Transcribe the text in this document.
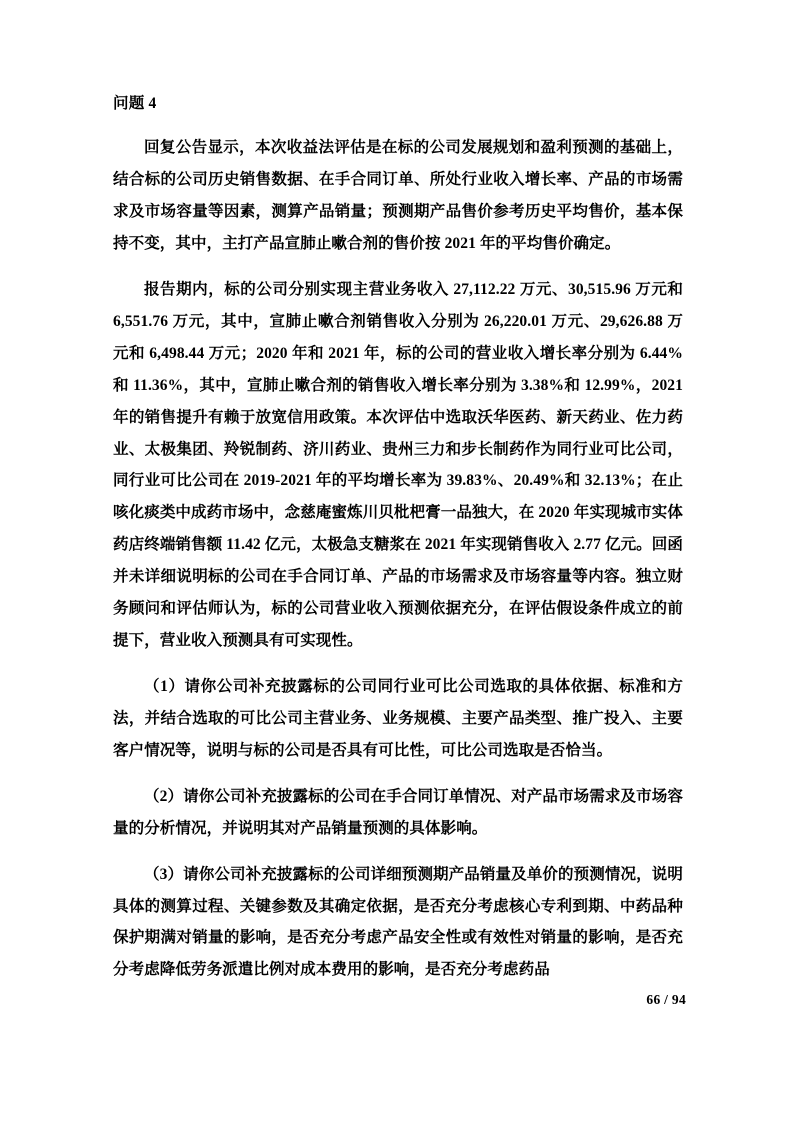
问题 4

回复公告显示，本次收益法评估是在标的公司发展规划和盈利预测的基础上，结合标的公司历史销售数据、在手合同订单、所处行业收入增长率、产品的市场需求及市场容量等因素，测算产品销量；预测期产品售价参考历史平均售价，基本保持不变，其中，主打产品宣肺止嗽合剂的售价按 2021 年的平均售价确定。

报告期内，标的公司分别实现主营业务收入 27,112.22 万元、30,515.96 万元和 6,551.76 万元，其中，宣肺止嗽合剂销售收入分别为 26,220.01 万元、29,626.88 万元和 6,498.44 万元；2020 年和 2021 年，标的公司的营业收入增长率分别为 6.44%和 11.36%，其中，宣肺止嗽合剂的销售收入增长率分别为 3.38%和 12.99%，2021 年的销售提升有赖于放宽信用政策。本次评估中选取沃华医药、新天药业、佐力药业、太极集团、羚锐制药、济川药业、贵州三力和步长制药作为同行业可比公司，同行业可比公司在 2019-2021 年的平均增长率为 39.83%、20.49%和 32.13%；在止咳化痰类中成药市场中，念慈庵蜜炼川贝枇杷膏一品独大，在 2020 年实现城市实体药店终端销售额 11.42 亿元，太极急支糖浆在 2021 年实现销售收入 2.77 亿元。回函并未详细说明标的公司在手合同订单、产品的市场需求及市场容量等内容。独立财务顾问和评估师认为，标的公司营业收入预测依据充分，在评估假设条件成立的前提下，营业收入预测具有可实现性。

（1）请你公司补充披露标的公司同行业可比公司选取的具体依据、标准和方法，并结合选取的可比公司主营业务、业务规模、主要产品类型、推广投入、主要客户情况等，说明与标的公司是否具有可比性，可比公司选取是否恰当。

（2）请你公司补充披露标的公司在手合同订单情况、对产品市场需求及市场容量的分析情况，并说明其对产品销量预测的具体影响。

（3）请你公司补充披露标的公司详细预测期产品销量及单价的预测情况，说明具体的测算过程、关键参数及其确定依据，是否充分考虑核心专利到期、中药品种保护期满对销量的影响，是否充分考虑产品安全性或有效性对销量的影响，是否充分考虑降低劳务派遣比例对成本费用的影响，是否充分考虑药品

66 / 94
